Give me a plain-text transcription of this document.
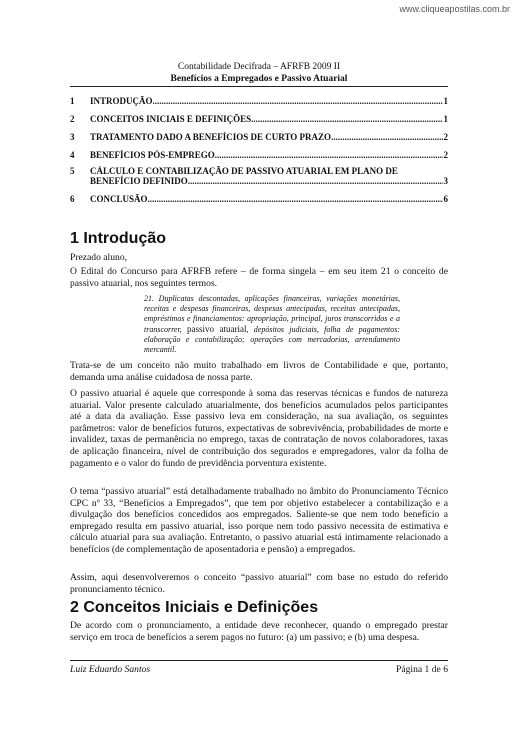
www.cliqueapostilas.com.br
Contabilidade Decifrada – AFRFB 2009 II
Benefícios a Empregados e Passivo Atuarial
1	INTRODUÇÃO .....	1
2	CONCEITOS INICIAIS E DEFINIÇÕES .....	1
3	TRATAMENTO DADO A BENEFÍCIOS DE CURTO PRAZO .....	2
4	BENEFÍCIOS PÓS-EMPREGO .....	2
5	CÁLCULO E CONTABILIZAÇÃO DE PASSIVO ATUARIAL EM PLANO DE
BENEFÍCIO DEFINIDO .....	3
6	CONCLUSÃO .....	6
1 Introdução

Prezado aluno,

O Edital do Concurso para AFRFB refere – de forma singela – em seu item 21 o conceito de passivo atuarial, nos seguintes termos.

21. Duplicatas descontadas, aplicações financeiras, variações monetárias, receitas e despesas financeiras, despesas antecipadas, receitas antecipadas, empréstimos e financiamentos: apropriação, principal, juros transcorridos e a transcorrer, passivo atuarial, depósitos judiciais, folha de pagamentos: elaboração e contabilização; operações com mercadorias, arrendamento mercantil.

Trata-se de um conceito não muito trabalhado em livros de Contabilidade e que, portanto, demanda uma análise cuidadosa de nossa parte.

O passivo atuarial é aquele que corresponde à soma das reservas técnicas e fundos de natureza atuarial. Valor presente calculado atuarialmente, dos benefícios acumulados pelos participantes até a data da avaliação. Esse passivo leva em consideração, na sua avaliação, os seguintes parâmetros: valor de benefícios futuros, expectativas de sobrevivência, probabilidades de morte e invalidez, taxas de permanência no emprego, taxas de contratação de novos colaboradores, taxas de aplicação financeira, nível de contribuição dos segurados e empregadores, valor da folha de pagamento e o valor do fundo de previdência porventura existente.

O tema “passivo atuarial” está detalhadamente trabalhado no âmbito do Pronunciamento Técnico CPC nº 33, “Benefícios a Empregados”, que tem por objetivo estabelecer a contabilização e a divulgação dos benefícios concedidos aos empregados. Saliente-se que nem todo benefício a empregado resulta em passivo atuarial, isso porque nem todo passivo necessita de estimativa e cálculo atuarial para sua avaliação. Entretanto, o passivo atuarial está intimamente relacionado a benefícios (de complementação de aposentadoria e pensão) a empregados.

Assim, aqui desenvolveremos o conceito “passivo atuarial” com base no estudo do referido pronunciamento técnico.

2 Conceitos Iniciais e Definições

De acordo com o pronunciamento, a entidade deve reconhecer, quando o empregado prestar serviço em troca de benefícios a serem pagos no futuro: (a) um passivo; e (b) uma despesa.

Luiz Eduardo Santos	Página 1 de 6
